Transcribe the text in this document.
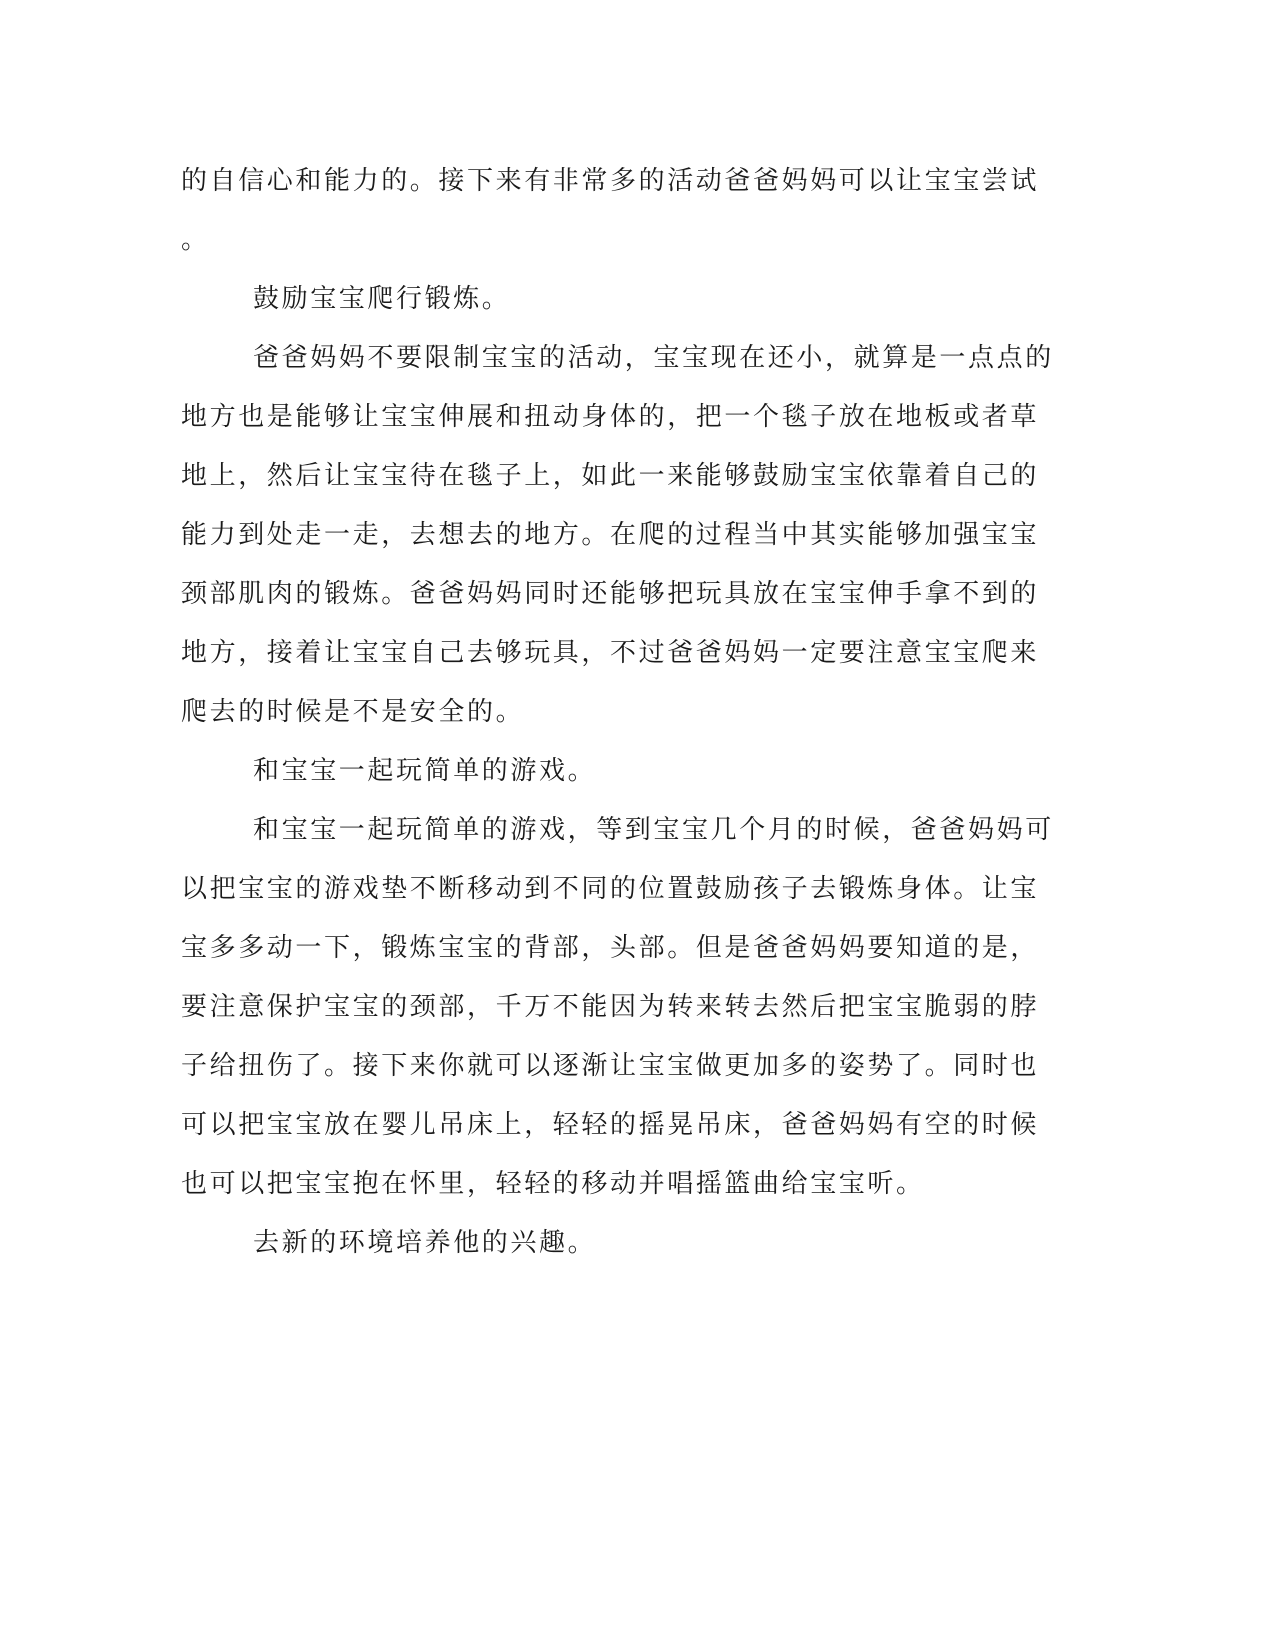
的自信心和能力的。接下来有非常多的活动爸爸妈妈可以让宝宝尝试
。
鼓励宝宝爬行锻炼。
爸爸妈妈不要限制宝宝的活动，宝宝现在还小，就算是一点点的
地方也是能够让宝宝伸展和扭动身体的，把一个毯子放在地板或者草
地上，然后让宝宝待在毯子上，如此一来能够鼓励宝宝依靠着自己的
能力到处走一走，去想去的地方。在爬的过程当中其实能够加强宝宝
颈部肌肉的锻炼。爸爸妈妈同时还能够把玩具放在宝宝伸手拿不到的
地方，接着让宝宝自己去够玩具，不过爸爸妈妈一定要注意宝宝爬来
爬去的时候是不是安全的。
和宝宝一起玩简单的游戏。
和宝宝一起玩简单的游戏，等到宝宝几个月的时候，爸爸妈妈可
以把宝宝的游戏垫不断移动到不同的位置鼓励孩子去锻炼身体。让宝
宝多多动一下，锻炼宝宝的背部，头部。但是爸爸妈妈要知道的是，
要注意保护宝宝的颈部，千万不能因为转来转去然后把宝宝脆弱的脖
子给扭伤了。接下来你就可以逐渐让宝宝做更加多的姿势了。同时也
可以把宝宝放在婴儿吊床上，轻轻的摇晃吊床，爸爸妈妈有空的时候
也可以把宝宝抱在怀里，轻轻的移动并唱摇篮曲给宝宝听。
去新的环境培养他的兴趣。
